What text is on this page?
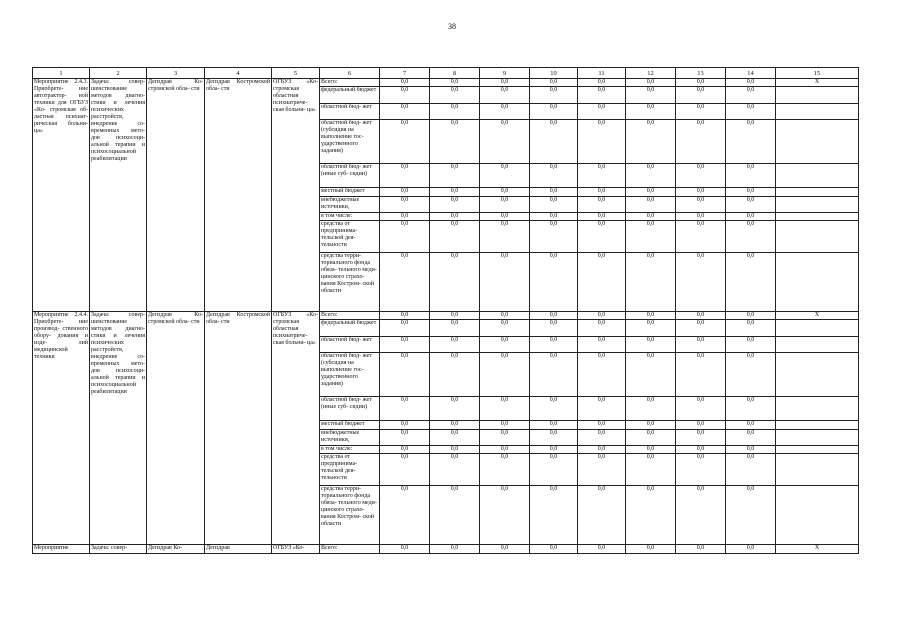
38
1	2	3	4	5	6	7	8	9	10	11	12	13	14	15
Мероприятие 2.4.3. Приобрете- ние автотрактор- ной техники для ОГБУЗ «Ко- стромская об- ластная психиат- рическая больни- ца»	Задача: совер- шенствование методов диагно- стики и лечения психических расстройств, внедрение со- временных мето- дов психосоци- альной терапии и психосоциальной реабилитации	Депздрав Ко- стромской обла- сти	Депздрав Костромской обла- сти	ОГБУЗ «Ко- стромская областная психиатриче- ская больни- ца»	Всего:	0,0	0,0	0,0	0,0	0,0	0,0	0,0	0,0	Х
					федеральный бюджет	0,0	0,0	0,0	0,0	0,0	0,0	0,0	0,0	
					областной бюд- жет	0,0	0,0	0,0	0,0	0,0	0,0	0,0	0,0	
					областной бюд- жет (субсидия на выполнение гос- ударственного задания)	0,0	0,0	0,0	0,0	0,0	0,0	0,0	0,0	
					областной бюд- жет (иные суб- сидии)	0,0	0,0	0,0	0,0	0,0	0,0	0,0	0,0	
					местный бюджет	0,0	0,0	0,0	0,0	0,0	0,0	0,0	0,0	
					внебюджетные источники,	0,0	0,0	0,0	0,0	0,0	0,0	0,0	0,0	
					в том числе:	0,0	0,0	0,0	0,0	0,0	0,0	0,0	0,0	
					средства от предпринима- тельской дея- тельности	0,0	0,0	0,0	0,0	0,0	0,0	0,0	0,0	
					средства терри- ториального фонда обяза- тельного меди- цинского страхо- вания Костром- ской области	0,0	0,0	0,0	0,0	0,0	0,0	0,0	0,0	
Мероприятие 2.4.4. Приобрете- ние производ- ственного обору- дования и изде- лий медицинской техники	Задача: совер- шенствование методов диагно- стики и лечения психических расстройств, внедрение со- временных мето- дов психосоци- альной терапии и психосоциальной реабилитации	Депздрав Ко- стромской обла- сти	Депздрав Костромской обла- сти	ОГБУЗ «Ко- стромская областная психиатриче- ская больни- ца»	Всего:	0,0	0,0	0,0	0,0	0,0	0,0	0,0	0,0	Х
					федеральный бюджет	0,0	0,0	0,0	0,0	0,0	0,0	0,0	0,0	
					областной бюд- жет	0,0	0,0	0,0	0,0	0,0	0,0	0,0	0,0	
					областной бюд- жет (субсидия на выполнение гос- ударственного задания)	0,0	0,0	0,0	0,0	0,0	0,0	0,0	0,0	
					областной бюд- жет (иные суб- сидии)	0,0	0,0	0,0	0,0	0,0	0,0	0,0	0,0	
					местный бюджет	0,0	0,0	0,0	0,0	0,0	0,0	0,0	0,0	
					внебюджетные источники,	0,0	0,0	0,0	0,0	0,0	0,0	0,0	0,0	
					в том числе:	0,0	0,0	0,0	0,0	0,0	0,0	0,0	0,0	
					средства от предпринима- тельской дея- тельности	0,0	0,0	0,0	0,0	0,0	0,0	0,0	0,0	
					средства терри- ториального фонда обяза- тельного меди- цинского страхо- вания Костром- ской области	0,0	0,0	0,0	0,0	0,0	0,0	0,0	0,0	
Мероприятие	Задача: совер-	Депздрав Ко-	Депздрав	ОГБУЗ «Ко-	Всего:	0,0	0,0	0,0	0,0	0,0	0,0	0,0	0,0	Х
